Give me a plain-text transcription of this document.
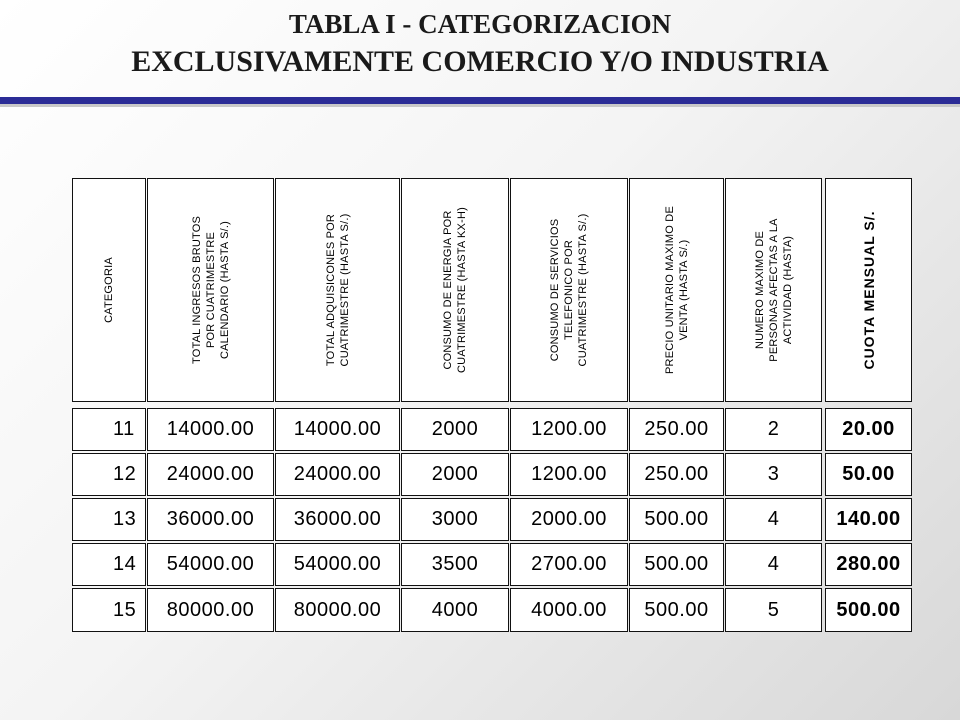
TABLA I - CATEGORIZACION
EXCLUSIVAMENTE COMERCIO Y/O INDUSTRIA
CATEGORIA	TOTAL INGRESOS BRUTOS POR CUATRIMESTRE CALENDARIO (HASTA S/.)	TOTAL ADQUISICONES POR CUATRIMESTRE (HASTA S/.)	CONSUMO DE ENERGIA POR CUATRIMESTRE (HASTA KX-H)	CONSUMO DE SERVICIOS TELEFONICO POR CUATRIMESTRE (HASTA S/.)	PRECIO UNITARIO MAXIMO DE VENTA (HASTA S/.)	NUMERO MAXIMO DE PERSONAS AFECTAS A LA ACTIVIDAD (HASTA)	CUOTA MENSUAL S/.
11	14000.00	14000.00	2000	1200.00	250.00	2	20.00
12	24000.00	24000.00	2000	1200.00	250.00	3	50.00
13	36000.00	36000.00	3000	2000.00	500.00	4	140.00
14	54000.00	54000.00	3500	2700.00	500.00	4	280.00
15	80000.00	80000.00	4000	4000.00	500.00	5	500.00
